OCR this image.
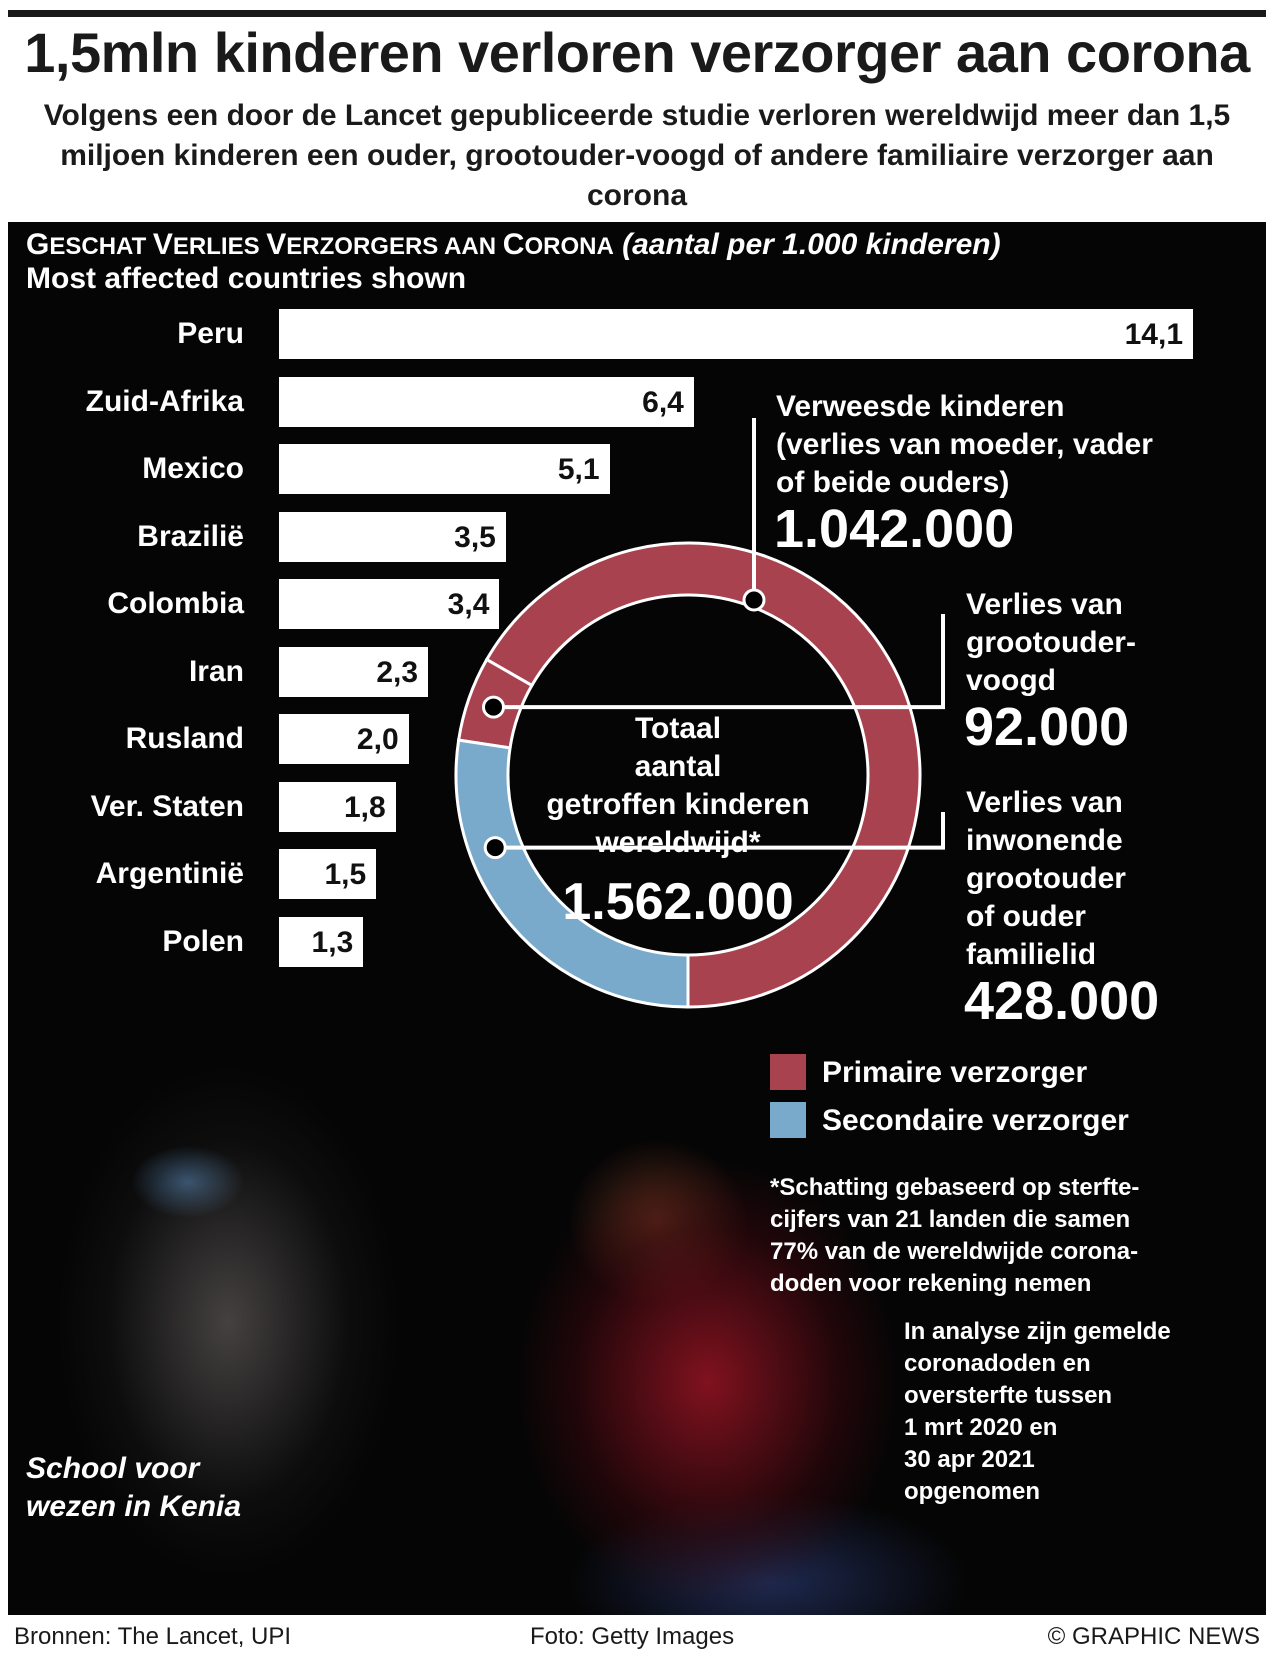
1,5mln kinderen verloren verzorger aan corona
Volgens een door de Lancet gepubliceerde studie verloren wereldwijd meer dan 1,5 miljoen kinderen een ouder, grootouder-voogd of andere familiaire verzorger aan corona
GESCHAT VERLIES VERZORGERS AAN CORONA (aantal per 1.000 kinderen)
Most affected countries shown
Peru	14,1
Zuid-Afrika	6,4
Mexico	5,1
Brazilië	3,5
Colombia	3,4
Iran	2,3
Rusland	2,0
Ver. Staten	1,8
Argentinië	1,5
Polen	1,3
Totaal
aantal
getroffen kinderen
wereldwijd*
1.562.000
Verweesde kinderen
(verlies van moeder, vader
of beide ouders)
1.042.000
Verlies van
grootouder-
voogd
92.000
Verlies van
inwonende
grootouder
of ouder
familielid
428.000
Primaire verzorger
Secondaire verzorger
*Schatting gebaseerd op sterfte-
cijfers van 21 landen die samen
77% van de wereldwijde corona-
doden voor rekening nemen
In analyse zijn gemelde
coronadoden en
oversterfte tussen
1 mrt 2020 en
30 apr 2021
opgenomen
School voor
wezen in Kenia
Bronnen: The Lancet, UPI	Foto: Getty Images	© GRAPHIC NEWS
